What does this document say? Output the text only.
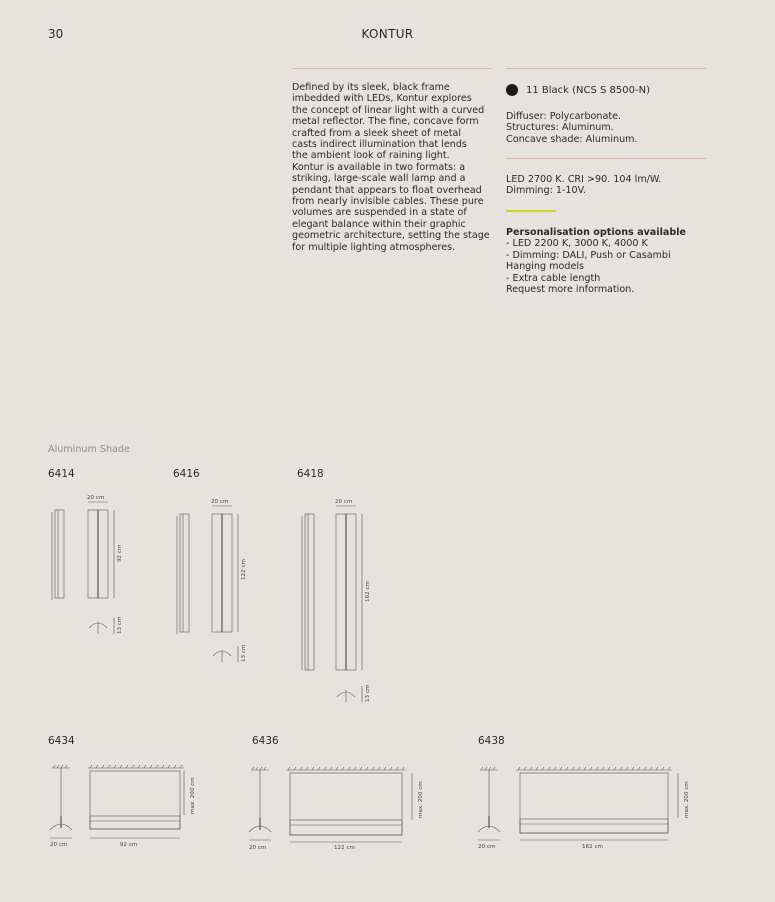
30	KONTUR
Defined by its sleek, black frame
imbedded with LEDs, Kontur explores
the concept of linear light with a curved
metal reflector. The fine, concave form
crafted from a sleek sheet of metal
casts indirect illumination that lends
the ambient look of raining light.
Kontur is available in two formats: a
striking, large-scale wall lamp and a
pendant that appears to float overhead
from nearly invisible cables. These pure
volumes are suspended in a state of
elegant balance within their graphic
geometric architecture, setting the stage
for multiple lighting atmospheres.
11 Black (NCS S 8500-N)
Diffuser: Polycarbonate.
Structures: Aluminum.
Concave shade: Aluminum.
LED 2700 K. CRI >90. 104 lm/W.
Dimming: 1-10V.
Personalisation options available
- LED 2200 K, 3000 K, 4000 K
- Dimming: DALI, Push or Casambi
Hanging models
- Extra cable length
Request more information.
Aluminum Shade
6414	6416	6418
20 cm
92 cm
13 cm
20 cm
122 cm
13 cm
20 cm
162 cm
13 cm
6434	6436	6438
20 cm	92 cm
max. 200 cm
20 cm	122 cm
max. 200 cm
20 cm	162 cm
max. 200 cm
